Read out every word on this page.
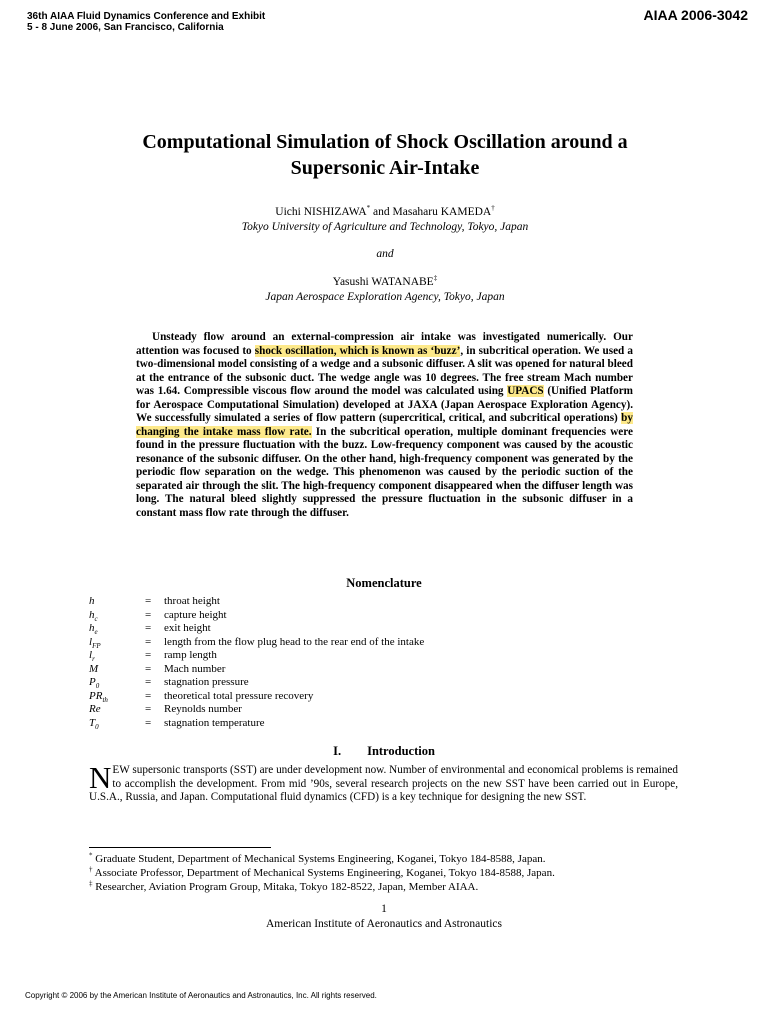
36th AIAA Fluid Dynamics Conference and Exhibit
5 - 8 June 2006, San Francisco, California
AIAA 2006-3042
Computational Simulation of Shock Oscillation around a
Supersonic Air-Intake
Uichi NISHIZAWA* and Masaharu KAMEDA†
Tokyo University of Agriculture and Technology, Tokyo, Japan
and
Yasushi WATANABE‡
Japan Aerospace Exploration Agency, Tokyo, Japan
Unsteady flow around an external-compression air intake was investigated numerically. Our attention was focused to shock oscillation, which is known as ‘buzz’, in subcritical operation. We used a two-dimensional model consisting of a wedge and a subsonic diffuser. A slit was opened for natural bleed at the entrance of the subsonic duct. The wedge angle was 10 degrees. The free stream Mach number was 1.64. Compressible viscous flow around the model was calculated using UPACS (Unified Platform for Aerospace Computational Simulation) developed at JAXA (Japan Aerospace Exploration Agency). We successfully simulated a series of flow pattern (supercritical, critical, and subcritical operations) by changing the intake mass flow rate. In the subcritical operation, multiple dominant frequencies were found in the pressure fluctuation with the buzz. Low-frequency component was caused by the acoustic resonance of the subsonic diffuser. On the other hand, high-frequency component was generated by the periodic flow separation on the wedge. This phenomenon was caused by the periodic suction of the separated air through the slit. The high-frequency component disappeared when the diffuser length was long. The natural bleed slightly suppressed the pressure fluctuation in the subsonic diffuser in a constant mass flow rate through the diffuser.
Nomenclature
h	=	throat height
$h_c$	=	capture height
$h_e$	=	exit height
$l_{FP}$	=	length from the flow plug head to the rear end of the intake
$l_r$	=	ramp length
M	=	Mach number
$P_0$	=	stagnation pressure
$PR_{th}$	=	theoretical total pressure recovery
Re	=	Reynolds number
$T_0$	=	stagnation temperature
I. Introduction
NEW supersonic transports (SST) are under development now. Number of environmental and economical problems is remained to accomplish the development. From mid ’90s, several research projects on the new SST have been carried out in Europe, U.S.A., Russia, and Japan. Computational fluid dynamics (CFD) is a key technique for designing the new SST.
* Graduate Student, Department of Mechanical Systems Engineering, Koganei, Tokyo 184-8588, Japan.
† Associate Professor, Department of Mechanical Systems Engineering, Koganei, Tokyo 184-8588, Japan.
‡ Researcher, Aviation Program Group, Mitaka, Tokyo 182-8522, Japan, Member AIAA.
1
American Institute of Aeronautics and Astronautics
Copyright © 2006 by the American Institute of Aeronautics and Astronautics, Inc. All rights reserved.
